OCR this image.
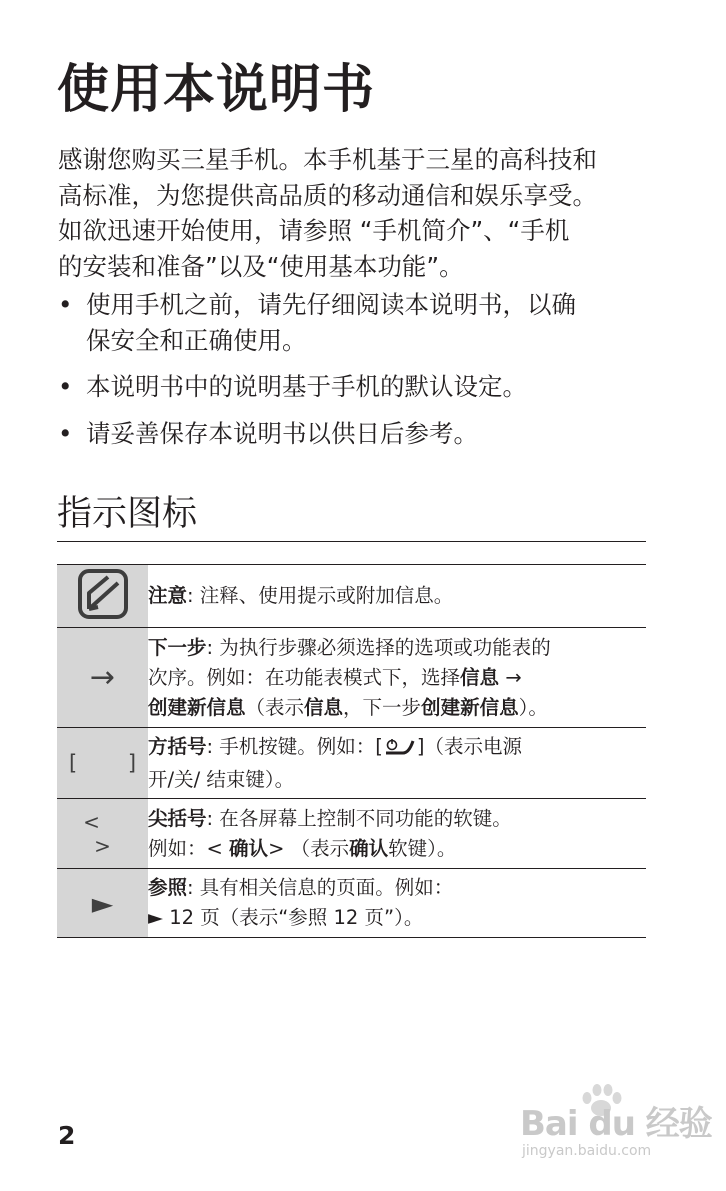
使用本说明书
感谢您购买三星手机。本手机基于三星的高科技和
高标准，为您提供高品质的移动通信和娱乐享受。
如欲迅速开始使用，请参照 “手机简介”、“手机
的安装和准备”以及“使用基本功能”。
• 使用手机之前，请先仔细阅读本说明书，以确
保安全和正确使用。
• 本说明书中的说明基于手机的默认设定。
• 请妥善保存本说明书以供日后参考。
指示图标

注意: 注释、使用提示或附加信息。

→	下一步: 为执行步骤必须选择的选项或功能表的
次序。例如：在功能表模式下，选择信息 →
创建新信息（表示信息，下一步创建新信息）。

[ ]	方括号: 手机按键。例如：[ ]（表示电源
开/关/ 结束键）。

< >	尖括号: 在各屏幕上控制不同功能的软键。
例如：< 确认> （表示确认软键）。

►	参照: 具有相关信息的页面。例如：
► 12 页（表示“参照 12 页”）。
2	Bai du 经验
jingyan.baidu.com
